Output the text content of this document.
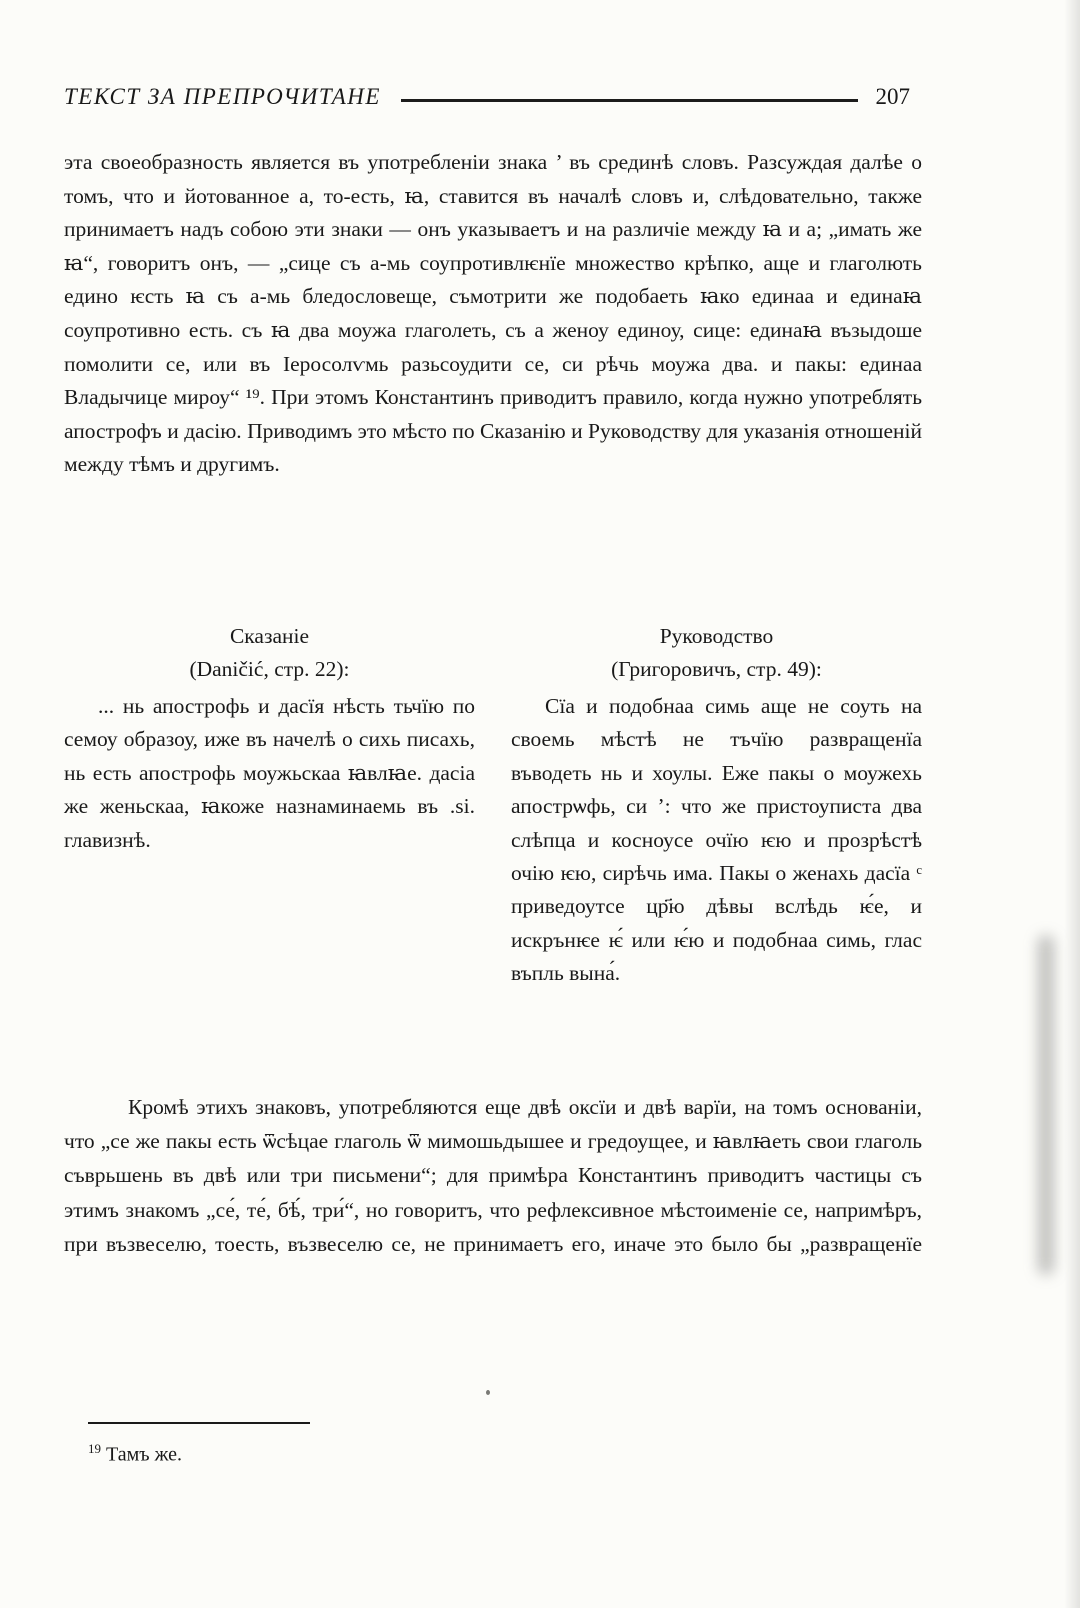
ТЕКСТ ЗА ПРЕПРОЧИТАНЕ	207

эта своеобразность является въ употребленіи знака ’ въ срединѣ словъ. Разсуждая далѣе о томъ, что и йотованное а, то-есть, ꙗ, ставится въ началѣ словъ и, слѣдовательно, также принимаетъ надъ собою эти знаки — онъ указываетъ и на различіе между ꙗ и а; „имать же ꙗ“, говоритъ онъ, — „сице съ а-мь соупротивлѥнїе множество крѣпко, аще и глаголють едино ѥсть ꙗ съ а-мь бледословеще, съмотрити же подобаеть ꙗко единаа и единаꙗ соупротивно есть. съ ꙗ два моужа глаголеть, съ а женоу единоу, сице: единаꙗ възыдоше помолити се, или въ Іеросолѵмь разьсоудити се, си рѣчь моужа два. и пакы: единаа Владычице мироу“ ¹⁹. При этомъ Константинъ приводитъ правило, когда нужно употреблять апострофъ и дасію. Приводимъ это мѣсто по Сказанію и Руководству для указанія отношеній между тѣмъ и другимъ.

Сказаніе
(Daničić, стр. 22):

... нь апострофь и дасїя нѣсть тьчїю по семоу образоу, иже въ начелѣ о сихь писахь, нь есть апострофь моужьскаа ꙗвлꙗе. дасіа же женьскаа, ꙗкоже назнаминаемь въ .ѕі. главизнѣ.

Руководство
(Григоровичъ, стр. 49):

Сїа и подобнаа симь аще не соуть на своемь мѣстѣ не тъчїю развращенїа въводеть нь и хоулы. Еже пакы о моужехь апострѡфь, си ’: что же пристоуписта два слѣпца и косноусе очїю ѥю и прозрѣстѣ очію ѥю, сирѣчь има. Пакы о женахь дасїа ᶜ приведоутсе цр҃ю дѣвы вслѣдь ѥ́е, и искрънѥе ѥ́ или ѥ́ю и подобнаа симь, глас въпль вына́.

Кромѣ этихъ знаковъ, употребляются еще двѣ оксїи и двѣ варїи, на томъ основаніи, что „се же пакы есть ѿсѣцае глаголь ѿ мимошьдышее и гредоущее, и ꙗвлꙗеть свои глаголь съврьшень въ двѣ или три письмени“; для примѣра Константинъ приводитъ частицы съ этимъ знакомъ „се́, те́, бѣ́, три́“, но говоритъ, что рефлексивное мѣстоименіе се, напримѣръ, при възвеселю, тоесть, възвеселю се, не принимаетъ его, иначе это было бы „развращенїе

$^{19}$ Тамъ же.
